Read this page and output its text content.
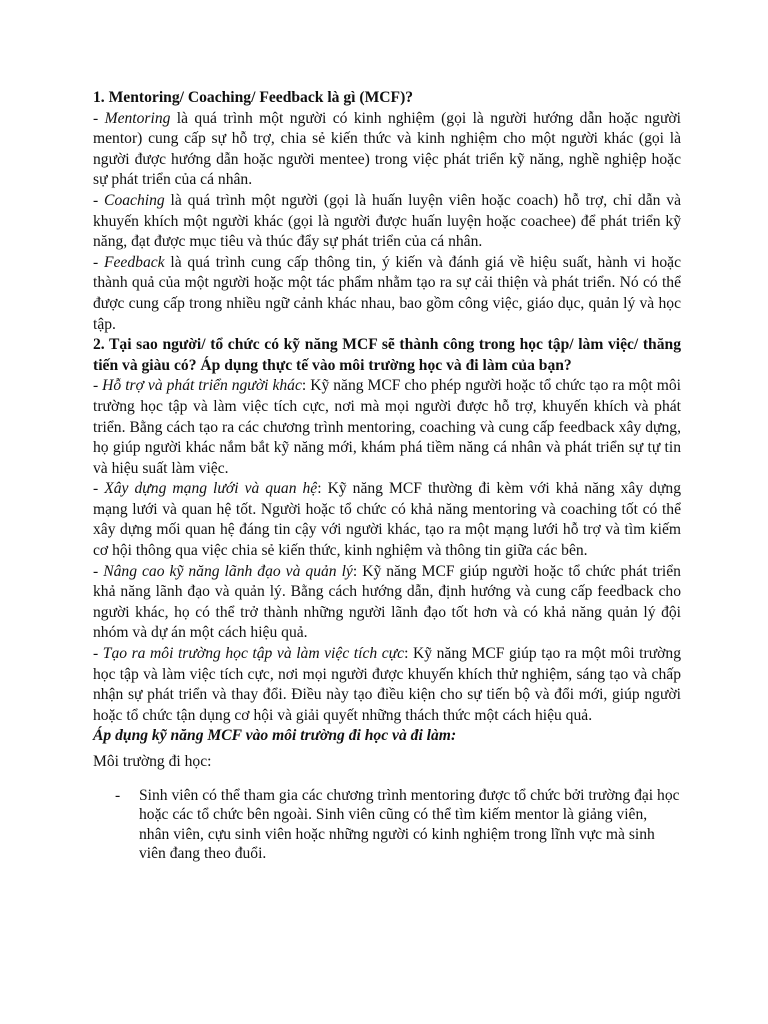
1. Mentoring/ Coaching/ Feedback là gì (MCF)?

- Mentoring là quá trình một người có kinh nghiệm (gọi là người hướng dẫn hoặc người mentor) cung cấp sự hỗ trợ, chia sẻ kiến thức và kinh nghiệm cho một người khác (gọi là người được hướng dẫn hoặc người mentee) trong việc phát triển kỹ năng, nghề nghiệp hoặc sự phát triển của cá nhân.

- Coaching là quá trình một người (gọi là huấn luyện viên hoặc coach) hỗ trợ, chỉ dẫn và khuyến khích một người khác (gọi là người được huấn luyện hoặc coachee) để phát triển kỹ năng, đạt được mục tiêu và thúc đẩy sự phát triển của cá nhân.

- Feedback là quá trình cung cấp thông tin, ý kiến và đánh giá về hiệu suất, hành vi hoặc thành quả của một người hoặc một tác phẩm nhằm tạo ra sự cải thiện và phát triển. Nó có thể được cung cấp trong nhiều ngữ cảnh khác nhau, bao gồm công việc, giáo dục, quản lý và học tập.

2. Tại sao người/ tổ chức có kỹ năng MCF sẽ thành công trong học tập/ làm việc/ thăng tiến và giàu có? Áp dụng thực tế vào môi trường học và đi làm của bạn?

- Hỗ trợ và phát triển người khác: Kỹ năng MCF cho phép người hoặc tổ chức tạo ra một môi trường học tập và làm việc tích cực, nơi mà mọi người được hỗ trợ, khuyến khích và phát triển. Bằng cách tạo ra các chương trình mentoring, coaching và cung cấp feedback xây dựng, họ giúp người khác nắm bắt kỹ năng mới, khám phá tiềm năng cá nhân và phát triển sự tự tin và hiệu suất làm việc.

- Xây dựng mạng lưới và quan hệ: Kỹ năng MCF thường đi kèm với khả năng xây dựng mạng lưới và quan hệ tốt. Người hoặc tổ chức có khả năng mentoring và coaching tốt có thể xây dựng mối quan hệ đáng tin cậy với người khác, tạo ra một mạng lưới hỗ trợ và tìm kiếm cơ hội thông qua việc chia sẻ kiến thức, kinh nghiệm và thông tin giữa các bên.

- Nâng cao kỹ năng lãnh đạo và quản lý: Kỹ năng MCF giúp người hoặc tổ chức phát triển khả năng lãnh đạo và quản lý. Bằng cách hướng dẫn, định hướng và cung cấp feedback cho người khác, họ có thể trở thành những người lãnh đạo tốt hơn và có khả năng quản lý đội nhóm và dự án một cách hiệu quả.

- Tạo ra môi trường học tập và làm việc tích cực: Kỹ năng MCF giúp tạo ra một môi trường học tập và làm việc tích cực, nơi mọi người được khuyến khích thử nghiệm, sáng tạo và chấp nhận sự phát triển và thay đổi. Điều này tạo điều kiện cho sự tiến bộ và đổi mới, giúp người hoặc tổ chức tận dụng cơ hội và giải quyết những thách thức một cách hiệu quả.

Áp dụng kỹ năng MCF vào môi trường đi học và đi làm:

Môi trường đi học:

-	Sinh viên có thể tham gia các chương trình mentoring được tổ chức bởi trường đại học hoặc các tổ chức bên ngoài. Sinh viên cũng có thể tìm kiếm mentor là giảng viên, nhân viên, cựu sinh viên hoặc những người có kinh nghiệm trong lĩnh vực mà sinh viên đang theo đuổi.
